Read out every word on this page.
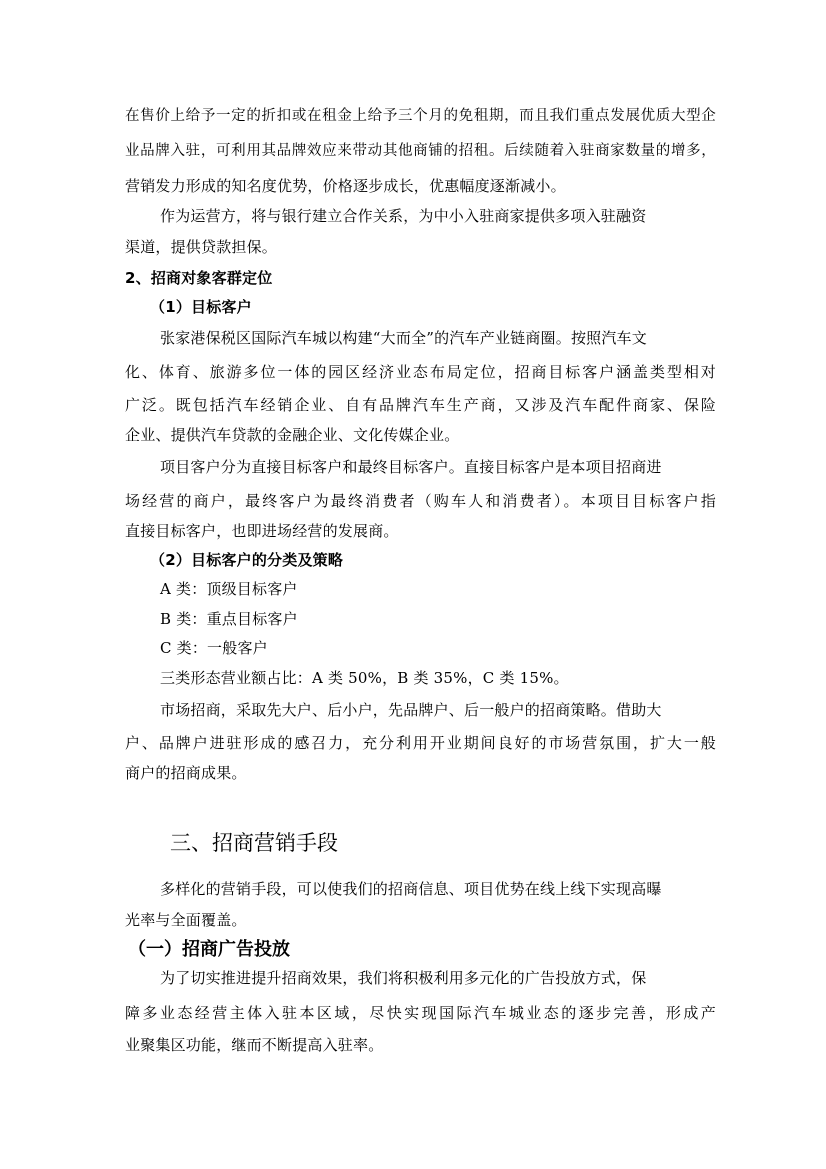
在售价上给予一定的折扣或在租金上给予三个月的免租期，而且我们重点发展优质大型企
业品牌入驻，可利用其品牌效应来带动其他商铺的招租。后续随着入驻商家数量的增多，
营销发力形成的知名度优势，价格逐步成长，优惠幅度逐渐减小。
作为运营方，将与银行建立合作关系，为中小入驻商家提供多项入驻融资
渠道，提供贷款担保。
2、招商对象客群定位
（1）目标客户
张家港保税区国际汽车城以构建“大而全”的汽车产业链商圈。按照汽车文
化、体育、旅游多位一体的园区经济业态布局定位，招商目标客户涵盖类型相对
广泛。既包括汽车经销企业、自有品牌汽车生产商，又涉及汽车配件商家、保险
企业、提供汽车贷款的金融企业、文化传媒企业。
项目客户分为直接目标客户和最终目标客户。直接目标客户是本项目招商进
场经营的商户，最终客户为最终消费者（购车人和消费者）。本项目目标客户指
直接目标客户，也即进场经营的发展商。
（2）目标客户的分类及策略
A 类：顶级目标客户
B 类：重点目标客户
C 类：一般客户
三类形态营业额占比：A 类 50%，B 类 35%，C 类 15%。
市场招商，采取先大户、后小户，先品牌户、后一般户的招商策略。借助大
户、品牌户进驻形成的感召力，充分利用开业期间良好的市场营氛围，扩大一般
商户的招商成果。
三、招商营销手段
多样化的营销手段，可以使我们的招商信息、项目优势在线上线下实现高曝
光率与全面覆盖。
（一）招商广告投放
为了切实推进提升招商效果，我们将积极利用多元化的广告投放方式，保
障多业态经营主体入驻本区域，尽快实现国际汽车城业态的逐步完善，形成产
业聚集区功能，继而不断提高入驻率。
